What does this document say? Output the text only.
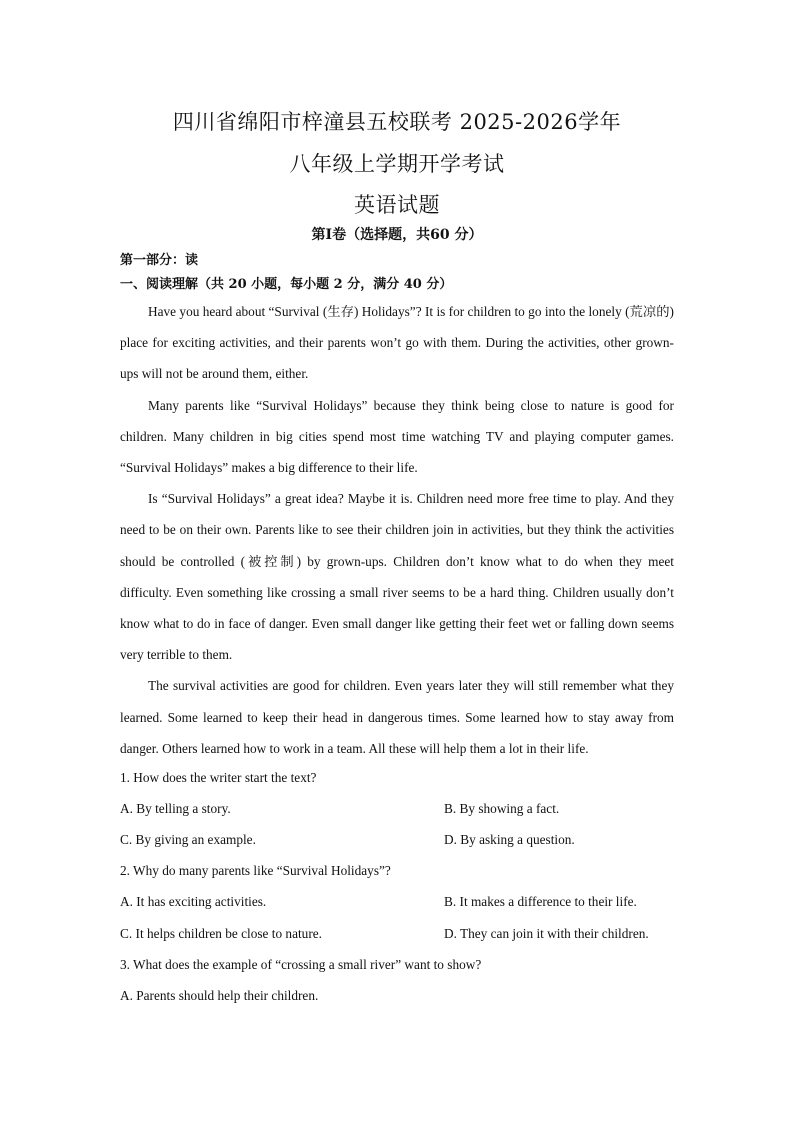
四川省绵阳市梓潼县五校联考 2025-2026学年
八年级上学期开学考试
英语试题
第Ⅰ卷（选择题，共60 分）
第一部分：读
一、阅读理解（共 20 小题，每小题 2 分，满分 40 分）

Have you heard about “Survival (生存) Holidays”? It is for children to go into the lonely (荒凉的) place for exciting activities, and their parents won’t go with them. During the activities, other grown-ups will not be around them, either.

Many parents like “Survival Holidays” because they think being close to nature is good for children. Many children in big cities spend most time watching TV and playing computer games. “Survival Holidays” makes a big difference to their life.

Is “Survival Holidays” a great idea? Maybe it is. Children need more free time to play. And they need to be on their own. Parents like to see their children join in activities, but they think the activities should be controlled (被控制) by grown-ups. Children don’t know what to do when they meet difficulty. Even something like crossing a small river seems to be a hard thing. Children usually don’t know what to do in face of danger. Even small danger like getting their feet wet or falling down seems very terrible to them.

The survival activities are good for children. Even years later they will still remember what they learned. Some learned to keep their head in dangerous times. Some learned how to stay away from danger. Others learned how to work in a team. All these will help them a lot in their life.

1. How does the writer start the text?
A. By telling a story.	B. By showing a fact.
C. By giving an example.	D. By asking a question.
2. Why do many parents like “Survival Holidays”?
A. It has exciting activities.	B. It makes a difference to their life.
C. It helps children be close to nature.	D. They can join it with their children.
3. What does the example of “crossing a small river” want to show?
A. Parents should help their children.
